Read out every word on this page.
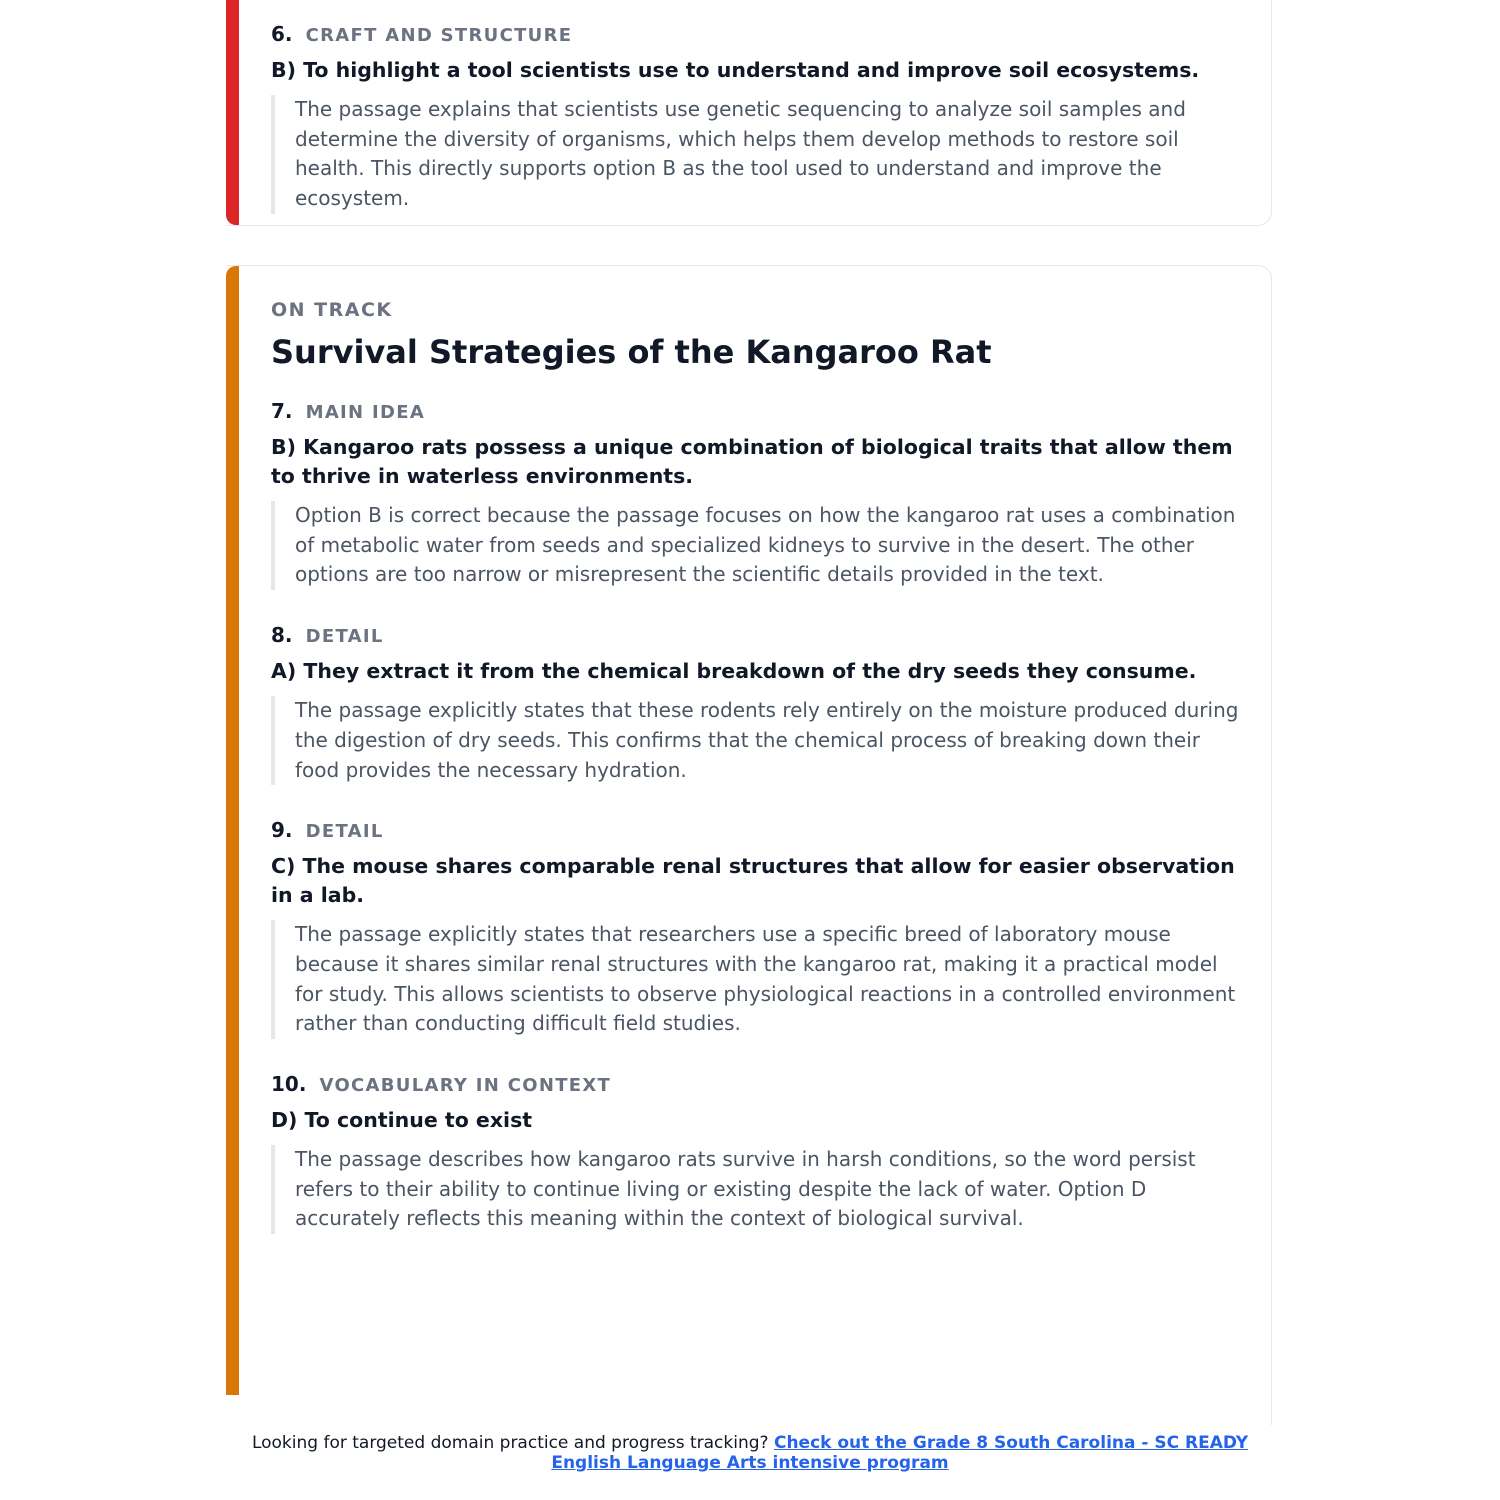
6. CRAFT AND STRUCTURE
B) To highlight a tool scientists use to understand and improve soil ecosystems.
The passage explains that scientists use genetic sequencing to analyze soil samples and determine the diversity of organisms, which helps them develop methods to restore soil health. This directly supports option B as the tool used to understand and improve the ecosystem.
ON TRACK
Survival Strategies of the Kangaroo Rat
7. MAIN IDEA
B) Kangaroo rats possess a unique combination of biological traits that allow them to thrive in waterless environments.
Option B is correct because the passage focuses on how the kangaroo rat uses a combination of metabolic water from seeds and specialized kidneys to survive in the desert. The other options are too narrow or misrepresent the scientific details provided in the text.
8. DETAIL
A) They extract it from the chemical breakdown of the dry seeds they consume.
The passage explicitly states that these rodents rely entirely on the moisture produced during the digestion of dry seeds. This confirms that the chemical process of breaking down their food provides the necessary hydration.
9. DETAIL
C) The mouse shares comparable renal structures that allow for easier observation in a lab.
The passage explicitly states that researchers use a specific breed of laboratory mouse because it shares similar renal structures with the kangaroo rat, making it a practical model for study. This allows scientists to observe physiological reactions in a controlled environment rather than conducting difficult field studies.
10. VOCABULARY IN CONTEXT
D) To continue to exist
The passage describes how kangaroo rats survive in harsh conditions, so the word persist refers to their ability to continue living or existing despite the lack of water. Option D accurately reflects this meaning within the context of biological survival.
Looking for targeted domain practice and progress tracking? Check out the Grade 8 South Carolina - SC READY English Language Arts intensive program
